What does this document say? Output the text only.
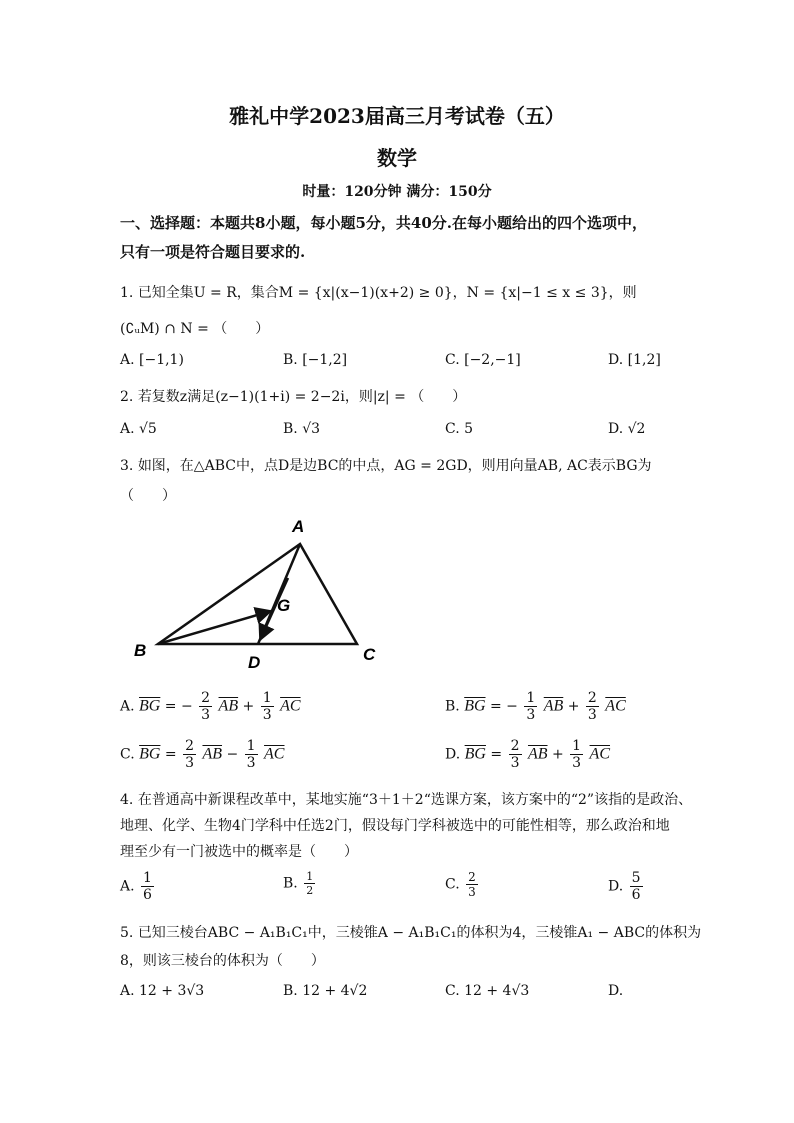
雅礼中学2023届高三月考试卷（五）
数学
时量：120分钟 满分：150分
一、选择题：本题共8小题，每小题5分，共40分.在每小题给出的四个选项中，
只有一项是符合题目要求的.
1. 已知全集U = R，集合M = {x|(x−1)(x+2) ≥ 0}，N = {x|−1 ≤ x ≤ 3}，则
(∁ᵤM) ∩ N = （　　）
A. [−1,1)	B. [−1,2]	C. [−2,−1]	D. [1,2]
2. 若复数z满足(z−1)(1+i) = 2−2i，则|z| = （　　）
A. √5	B. √3	C. 5	D. √2
3. 如图，在△ABC中，点D是边BC的中点，AG = 2GD，则用向量AB, AC表示BG为
（　　）
A
B	C
D
G
A. $\overline{BG}$ = − $\frac{2}{3} \overline{AB} + \frac{1}{3} \overline{AC}$	B. $\overline{BG}$ = − $\frac{1}{3} \overline{AB} + \frac{2}{3} \overline{AC}$
C. $\overline{BG} = \frac{2}{3} \overline{AB} - \frac{1}{3} \overline{AC}$	D. $\overline{BG} = \frac{2}{3} \overline{AB} + \frac{1}{3} \overline{AC}$
4. 在普通高中新课程改革中，某地实施“3＋1＋2“选课方案，该方案中的“2”该指的是政治、
地理、化学、生物4门学科中任选2门，假设每门学科被选中的可能性相等，那么政治和地
理至少有一门被选中的概率是（　　）
A. $\frac{1}{6}$	B. $\frac{1}{2}$	C. $\frac{2}{3}$	D. $\frac{5}{6}$
5. 已知三棱台ABC − A₁B₁C₁中，三棱锥A − A₁B₁C₁的体积为4，三棱锥A₁ − ABC的体积为
8，则该三棱台的体积为（　　）
A. 12 + 3√3	B. 12 + 4√2	C. 12 + 4√3	D.
